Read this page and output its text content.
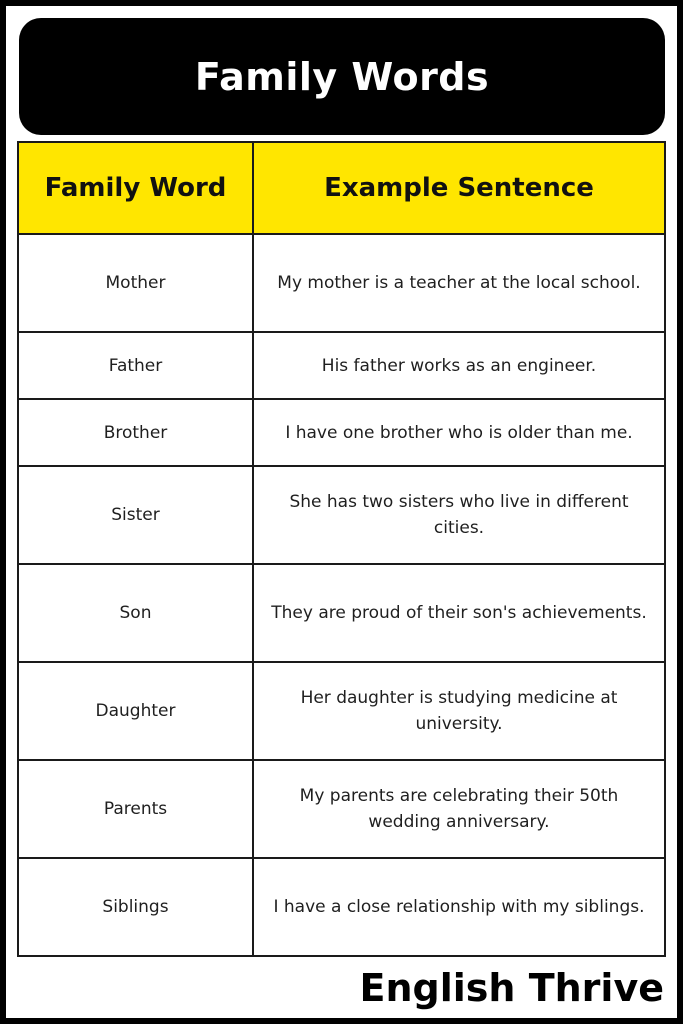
Family Words
Family Word	Example Sentence
Mother	My mother is a teacher at the local school.
Father	His father works as an engineer.
Brother	I have one brother who is older than me.
Sister	She has two sisters who live in different cities.
Son	They are proud of their son's achievements.
Daughter	Her daughter is studying medicine at university.
Parents	My parents are celebrating their 50th wedding anniversary.
Siblings	I have a close relationship with my siblings.
English Thrive
